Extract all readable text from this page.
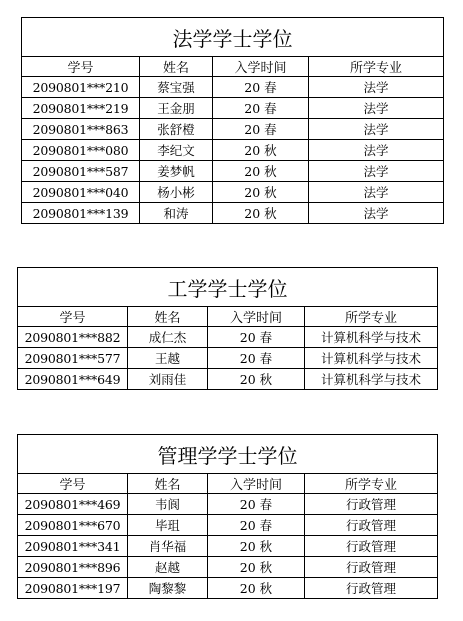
法学学士学位			
学号	姓名	入学时间	所学专业
2090801***210	蔡宝强	20 春	法学
2090801***219	王金朋	20 春	法学
2090801***863	张舒橙	20 春	法学
2090801***080	李纪文	20 秋	法学
2090801***587	姜梦帆	20 秋	法学
2090801***040	杨小彬	20 秋	法学
2090801***139	和涛	20 秋	法学
工学学士学位			
学号	姓名	入学时间	所学专业
2090801***882	成仁杰	20 春	计算机科学与技术
2090801***577	王越	20 春	计算机科学与技术
2090801***649	刘雨佳	20 秋	计算机科学与技术
管理学学士学位			
学号	姓名	入学时间	所学专业
2090801***469	韦阆	20 春	行政管理
2090801***670	毕珇	20 春	行政管理
2090801***341	肖华福	20 秋	行政管理
2090801***896	赵越	20 秋	行政管理
2090801***197	陶黎黎	20 秋	行政管理
